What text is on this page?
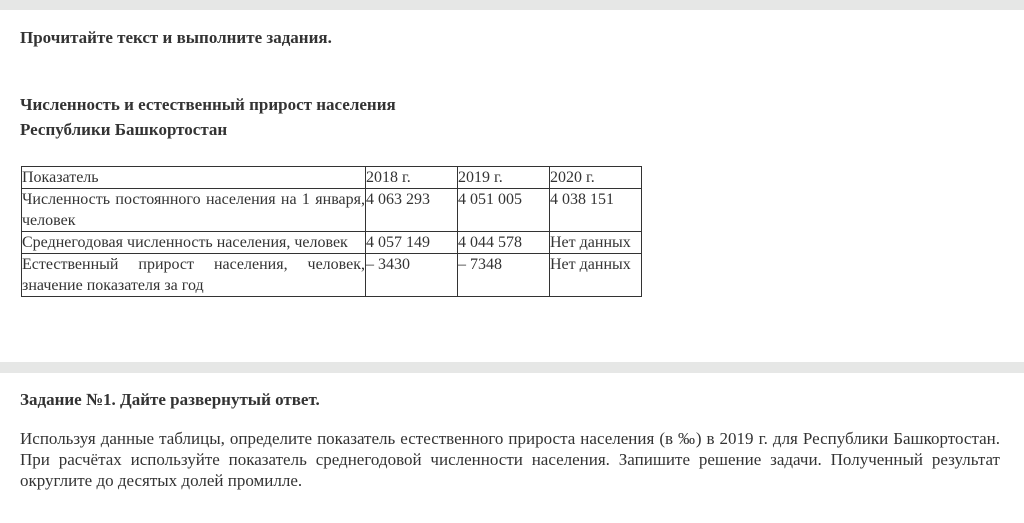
Прочитайте текст и выполните задания.

Численность и естественный прирост населения
Республики Башкортостан

Показатель	2018 г.	2019 г.	2020 г.
Численность постоянного населения на 1 января, человек	4 063 293	4 051 005	4 038 151
Среднегодовая численность населения, человек	4 057 149	4 044 578	Нет данных
Естественный прирост населения, человек, значение показателя за год	– 3430	– 7348	Нет данных

Задание №1. Дайте развернутый ответ.

Используя данные таблицы, определите показатель естественного прироста населения (в ‰) в 2019 г. для Республики Башкортостан. При расчётах используйте показатель среднегодовой численности населения. Запишите решение задачи. Полученный результат округлите до десятых долей промилле.
